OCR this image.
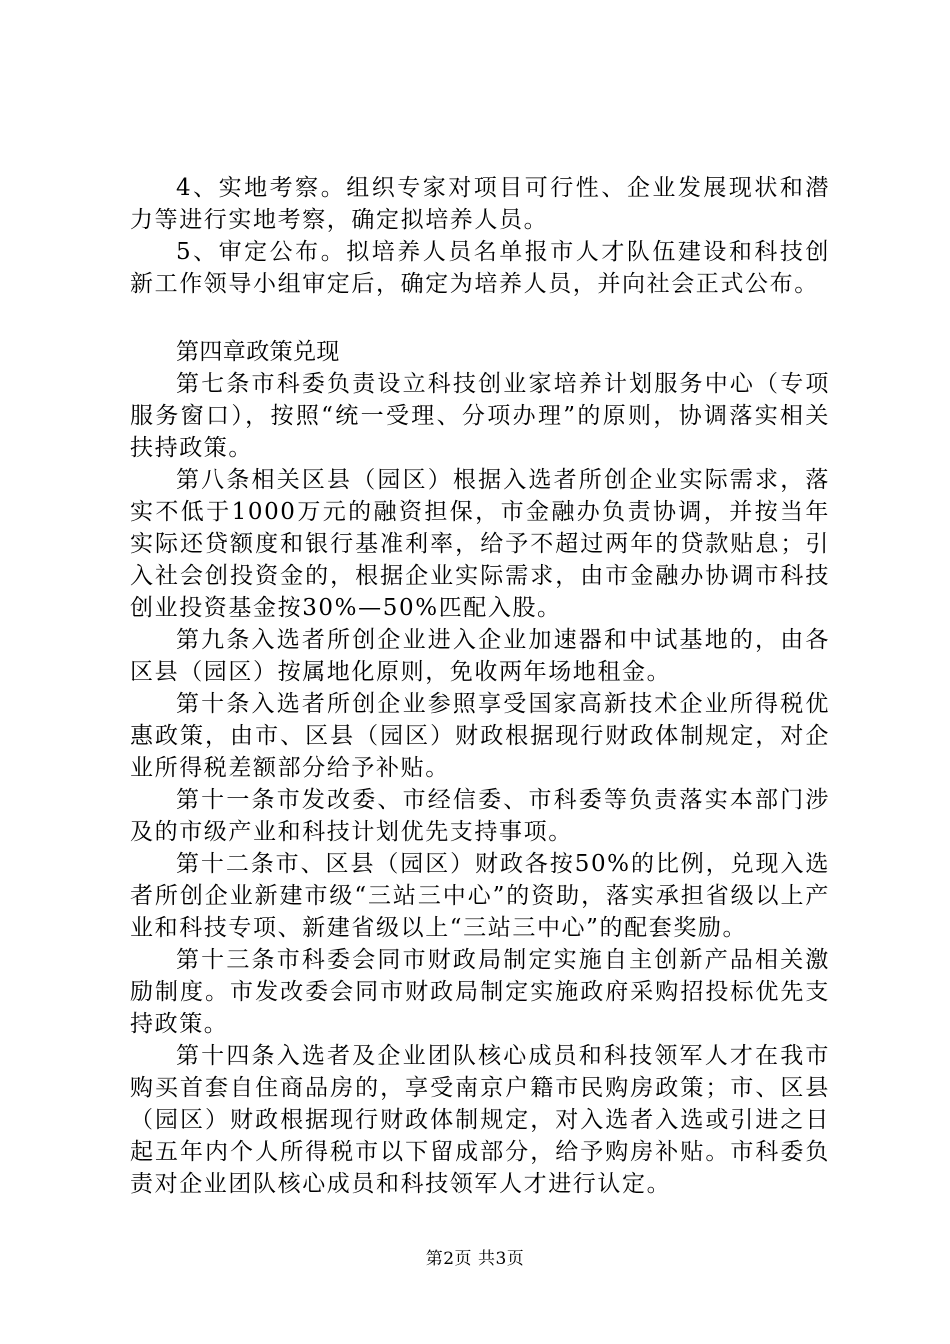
4、实地考察。组织专家对项目可行性、企业发展现状和潜力等进行实地考察，确定拟培养人员。

5、审定公布。拟培养人员名单报市人才队伍建设和科技创新工作领导小组审定后，确定为培养人员，并向社会正式公布。

第四章政策兑现

第七条市科委负责设立科技创业家培养计划服务中心（专项服务窗口），按照“统一受理、分项办理”的原则，协调落实相关扶持政策。

第八条相关区县（园区）根据入选者所创企业实际需求，落实不低于1000万元的融资担保，市金融办负责协调，并按当年实际还贷额度和银行基准利率，给予不超过两年的贷款贴息；引入社会创投资金的，根据企业实际需求，由市金融办协调市科技创业投资基金按30%—50%匹配入股。

第九条入选者所创企业进入企业加速器和中试基地的，由各区县（园区）按属地化原则，免收两年场地租金。

第十条入选者所创企业参照享受国家高新技术企业所得税优惠政策，由市、区县（园区）财政根据现行财政体制规定，对企业所得税差额部分给予补贴。

第十一条市发改委、市经信委、市科委等负责落实本部门涉及的市级产业和科技计划优先支持事项。

第十二条市、区县（园区）财政各按50%的比例，兑现入选者所创企业新建市级“三站三中心”的资助，落实承担省级以上产业和科技专项、新建省级以上“三站三中心”的配套奖励。

第十三条市科委会同市财政局制定实施自主创新产品相关激励制度。市发改委会同市财政局制定实施政府采购招投标优先支持政策。

第十四条入选者及企业团队核心成员和科技领军人才在我市购买首套自住商品房的，享受南京户籍市民购房政策；市、区县（园区）财政根据现行财政体制规定，对入选者入选或引进之日起五年内个人所得税市以下留成部分，给予购房补贴。市科委负责对企业团队核心成员和科技领军人才进行认定。

第2页 共3页
